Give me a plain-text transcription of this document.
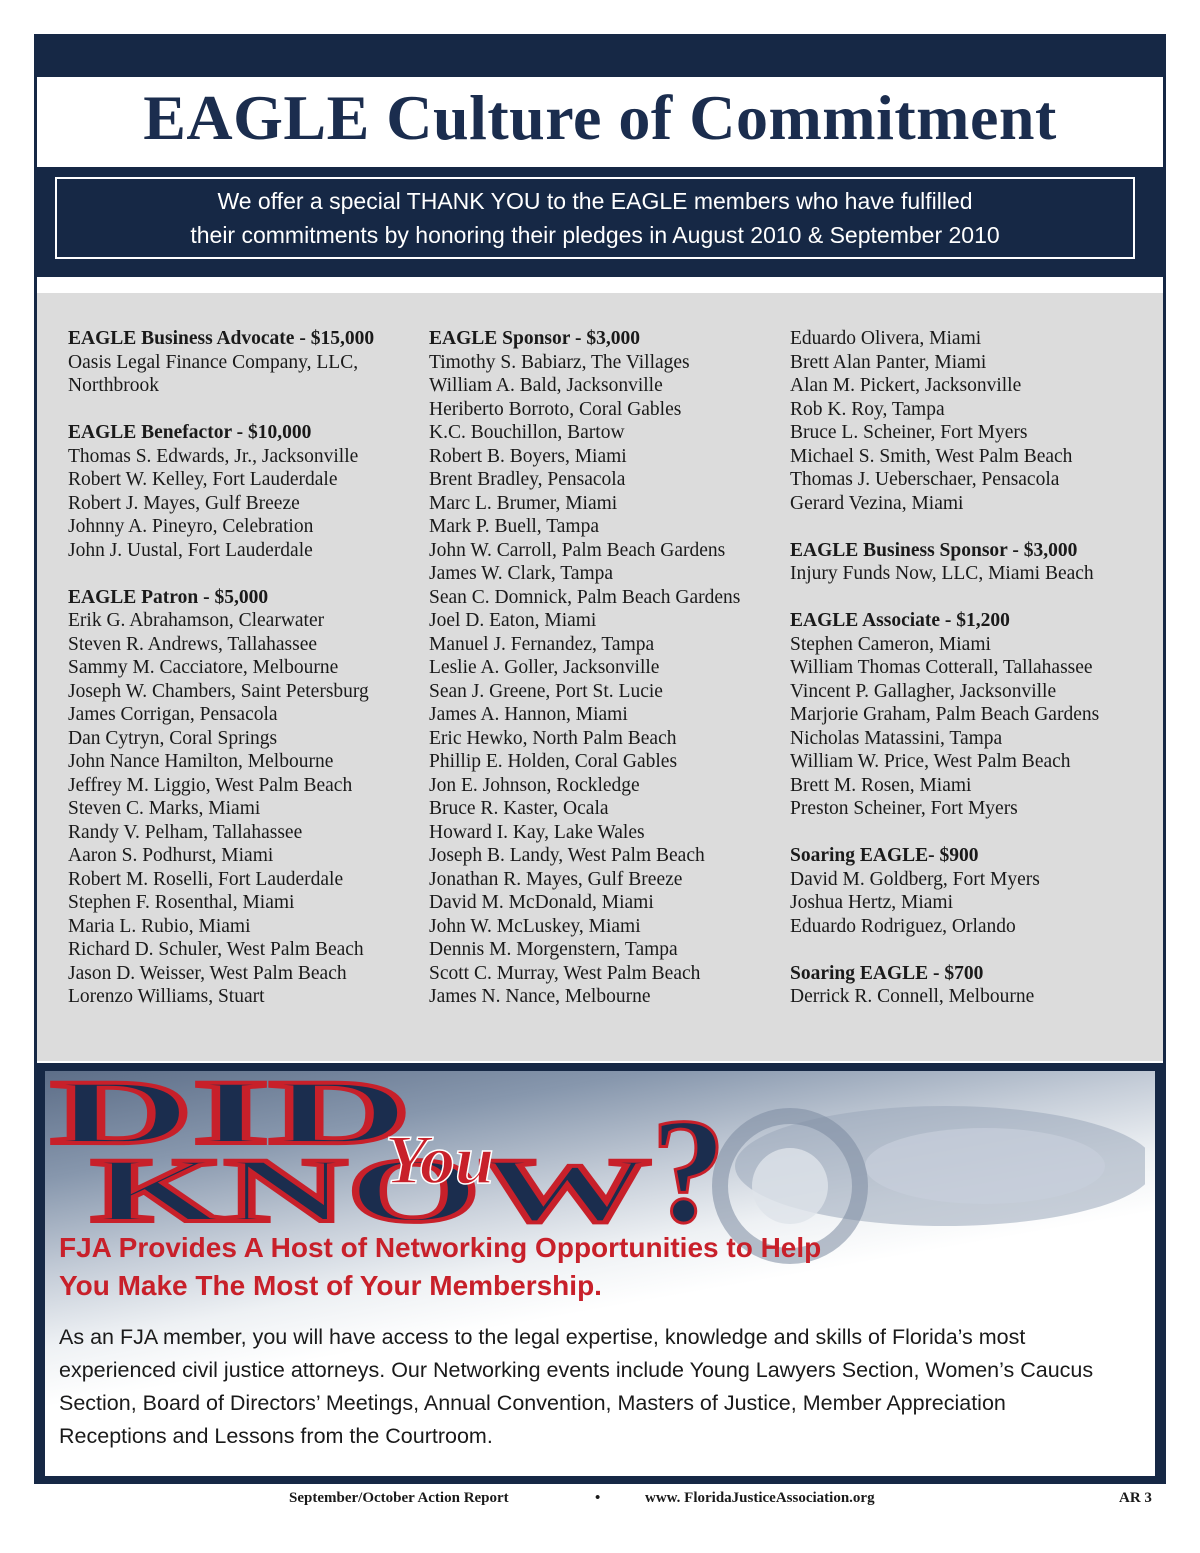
EAGLE Culture of Commitment
We offer a special THANK YOU to the EAGLE members who have fulfilled
their commitments by honoring their pledges in August 2010 & September 2010
EAGLE Business Advocate - $15,000
Oasis Legal Finance Company, LLC,
Northbrook
EAGLE Benefactor - $10,000
Thomas S. Edwards, Jr., Jacksonville
Robert W. Kelley, Fort Lauderdale
Robert J. Mayes, Gulf Breeze
Johnny A. Pineyro, Celebration
John J. Uustal, Fort Lauderdale
EAGLE Patron - $5,000
Erik G. Abrahamson, Clearwater
Steven R. Andrews, Tallahassee
Sammy M. Cacciatore, Melbourne
Joseph W. Chambers, Saint Petersburg
James Corrigan, Pensacola
Dan Cytryn, Coral Springs
John Nance Hamilton, Melbourne
Jeffrey M. Liggio, West Palm Beach
Steven C. Marks, Miami
Randy V. Pelham, Tallahassee
Aaron S. Podhurst, Miami
Robert M. Roselli, Fort Lauderdale
Stephen F. Rosenthal, Miami
Maria L. Rubio, Miami
Richard D. Schuler, West Palm Beach
Jason D. Weisser, West Palm Beach
Lorenzo Williams, Stuart
EAGLE Sponsor - $3,000
Timothy S. Babiarz, The Villages
William A. Bald, Jacksonville
Heriberto Borroto, Coral Gables
K.C. Bouchillon, Bartow
Robert B. Boyers, Miami
Brent Bradley, Pensacola
Marc L. Brumer, Miami
Mark P. Buell, Tampa
John W. Carroll, Palm Beach Gardens
James W. Clark, Tampa
Sean C. Domnick, Palm Beach Gardens
Joel D. Eaton, Miami
Manuel J. Fernandez, Tampa
Leslie A. Goller, Jacksonville
Sean J. Greene, Port St. Lucie
James A. Hannon, Miami
Eric Hewko, North Palm Beach
Phillip E. Holden, Coral Gables
Jon E. Johnson, Rockledge
Bruce R. Kaster, Ocala
Howard I. Kay, Lake Wales
Joseph B. Landy, West Palm Beach
Jonathan R. Mayes, Gulf Breeze
David M. McDonald, Miami
John W. McLuskey, Miami
Dennis M. Morgenstern, Tampa
Scott C. Murray, West Palm Beach
James N. Nance, Melbourne
Eduardo Olivera, Miami
Brett Alan Panter, Miami
Alan M. Pickert, Jacksonville
Rob K. Roy, Tampa
Bruce L. Scheiner, Fort Myers
Michael S. Smith, West Palm Beach
Thomas J. Ueberschaer, Pensacola
Gerard Vezina, Miami
EAGLE Business Sponsor - $3,000
Injury Funds Now, LLC, Miami Beach
EAGLE Associate - $1,200
Stephen Cameron, Miami
William Thomas Cotterall, Tallahassee
Vincent P. Gallagher, Jacksonville
Marjorie Graham, Palm Beach Gardens
Nicholas Matassini, Tampa
William W. Price, West Palm Beach
Brett M. Rosen, Miami
Preston Scheiner, Fort Myers
Soaring EAGLE- $900
David M. Goldberg, Fort Myers
Joshua Hertz, Miami
Eduardo Rodriguez, Orlando
Soaring EAGLE - $700
Derrick R. Connell, Melbourne
DID
KNOW
You ?
FJA Provides A Host of Networking Opportunities to Help
You Make The Most of Your Membership.

As an FJA member, you will have access to the legal expertise, knowledge and skills of Florida’s most experienced civil justice attorneys. Our Networking events include Young Lawyers Section, Women’s Caucus Section, Board of Directors’ Meetings, Annual Convention, Masters of Justice, Member Appreciation Receptions and Lessons from the Courtroom.

September/October Action Report	•	www. FloridaJusticeAssociation.org	AR 3
